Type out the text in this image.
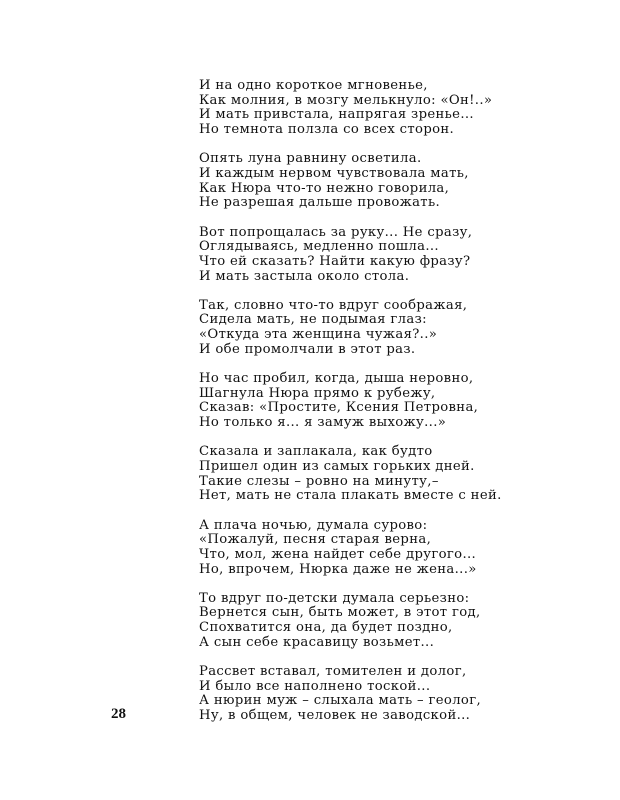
И на одно короткое мгновенье,
Как молния, в мозгу мелькнуло: «Он!..»
И мать привстала, напрягая зренье...
Но темнота ползла со всех сторон.
Опять луна равнину осветила.
И каждым нервом чувствовала мать,
Как Нюра что-то нежно говорила,
Не разрешая дальше провожать.
Вот попрощалась за руку... Не сразу,
Оглядываясь, медленно пошла...
Что ей сказать? Найти какую фразу?
И мать застыла около стола.
Так, словно что-то вдруг соображая,
Сидела мать, не подымая глаз:
«Откуда эта женщина чужая?..»
И обе промолчали в этот раз.
Но час пробил, когда, дыша неровно,
Шагнула Нюра прямо к рубежу,
Сказав: «Простите, Ксения Петровна,
Но только я... я замуж выхожу...»
Сказала и заплакала, как будто
Пришел один из самых горьких дней.
Такие слезы – ровно на минуту,–
Нет, мать не стала плакать вместе с ней.
А плача ночью, думала сурово:
«Пожалуй, песня старая верна,
Что, мол, жена найдет себе другого...
Но, впрочем, Нюрка даже не жена...»
То вдруг по-детски думала серьезно:
Вернется сын, быть может, в этот год,
Спохватится она, да будет поздно,
А сын себе красавицу возьмет...
Рассвет вставал, томителен и долог,
И было все наполнено тоской...
А нюрин муж – слыхала мать – геолог,
Ну, в общем, человек не заводской...
28
